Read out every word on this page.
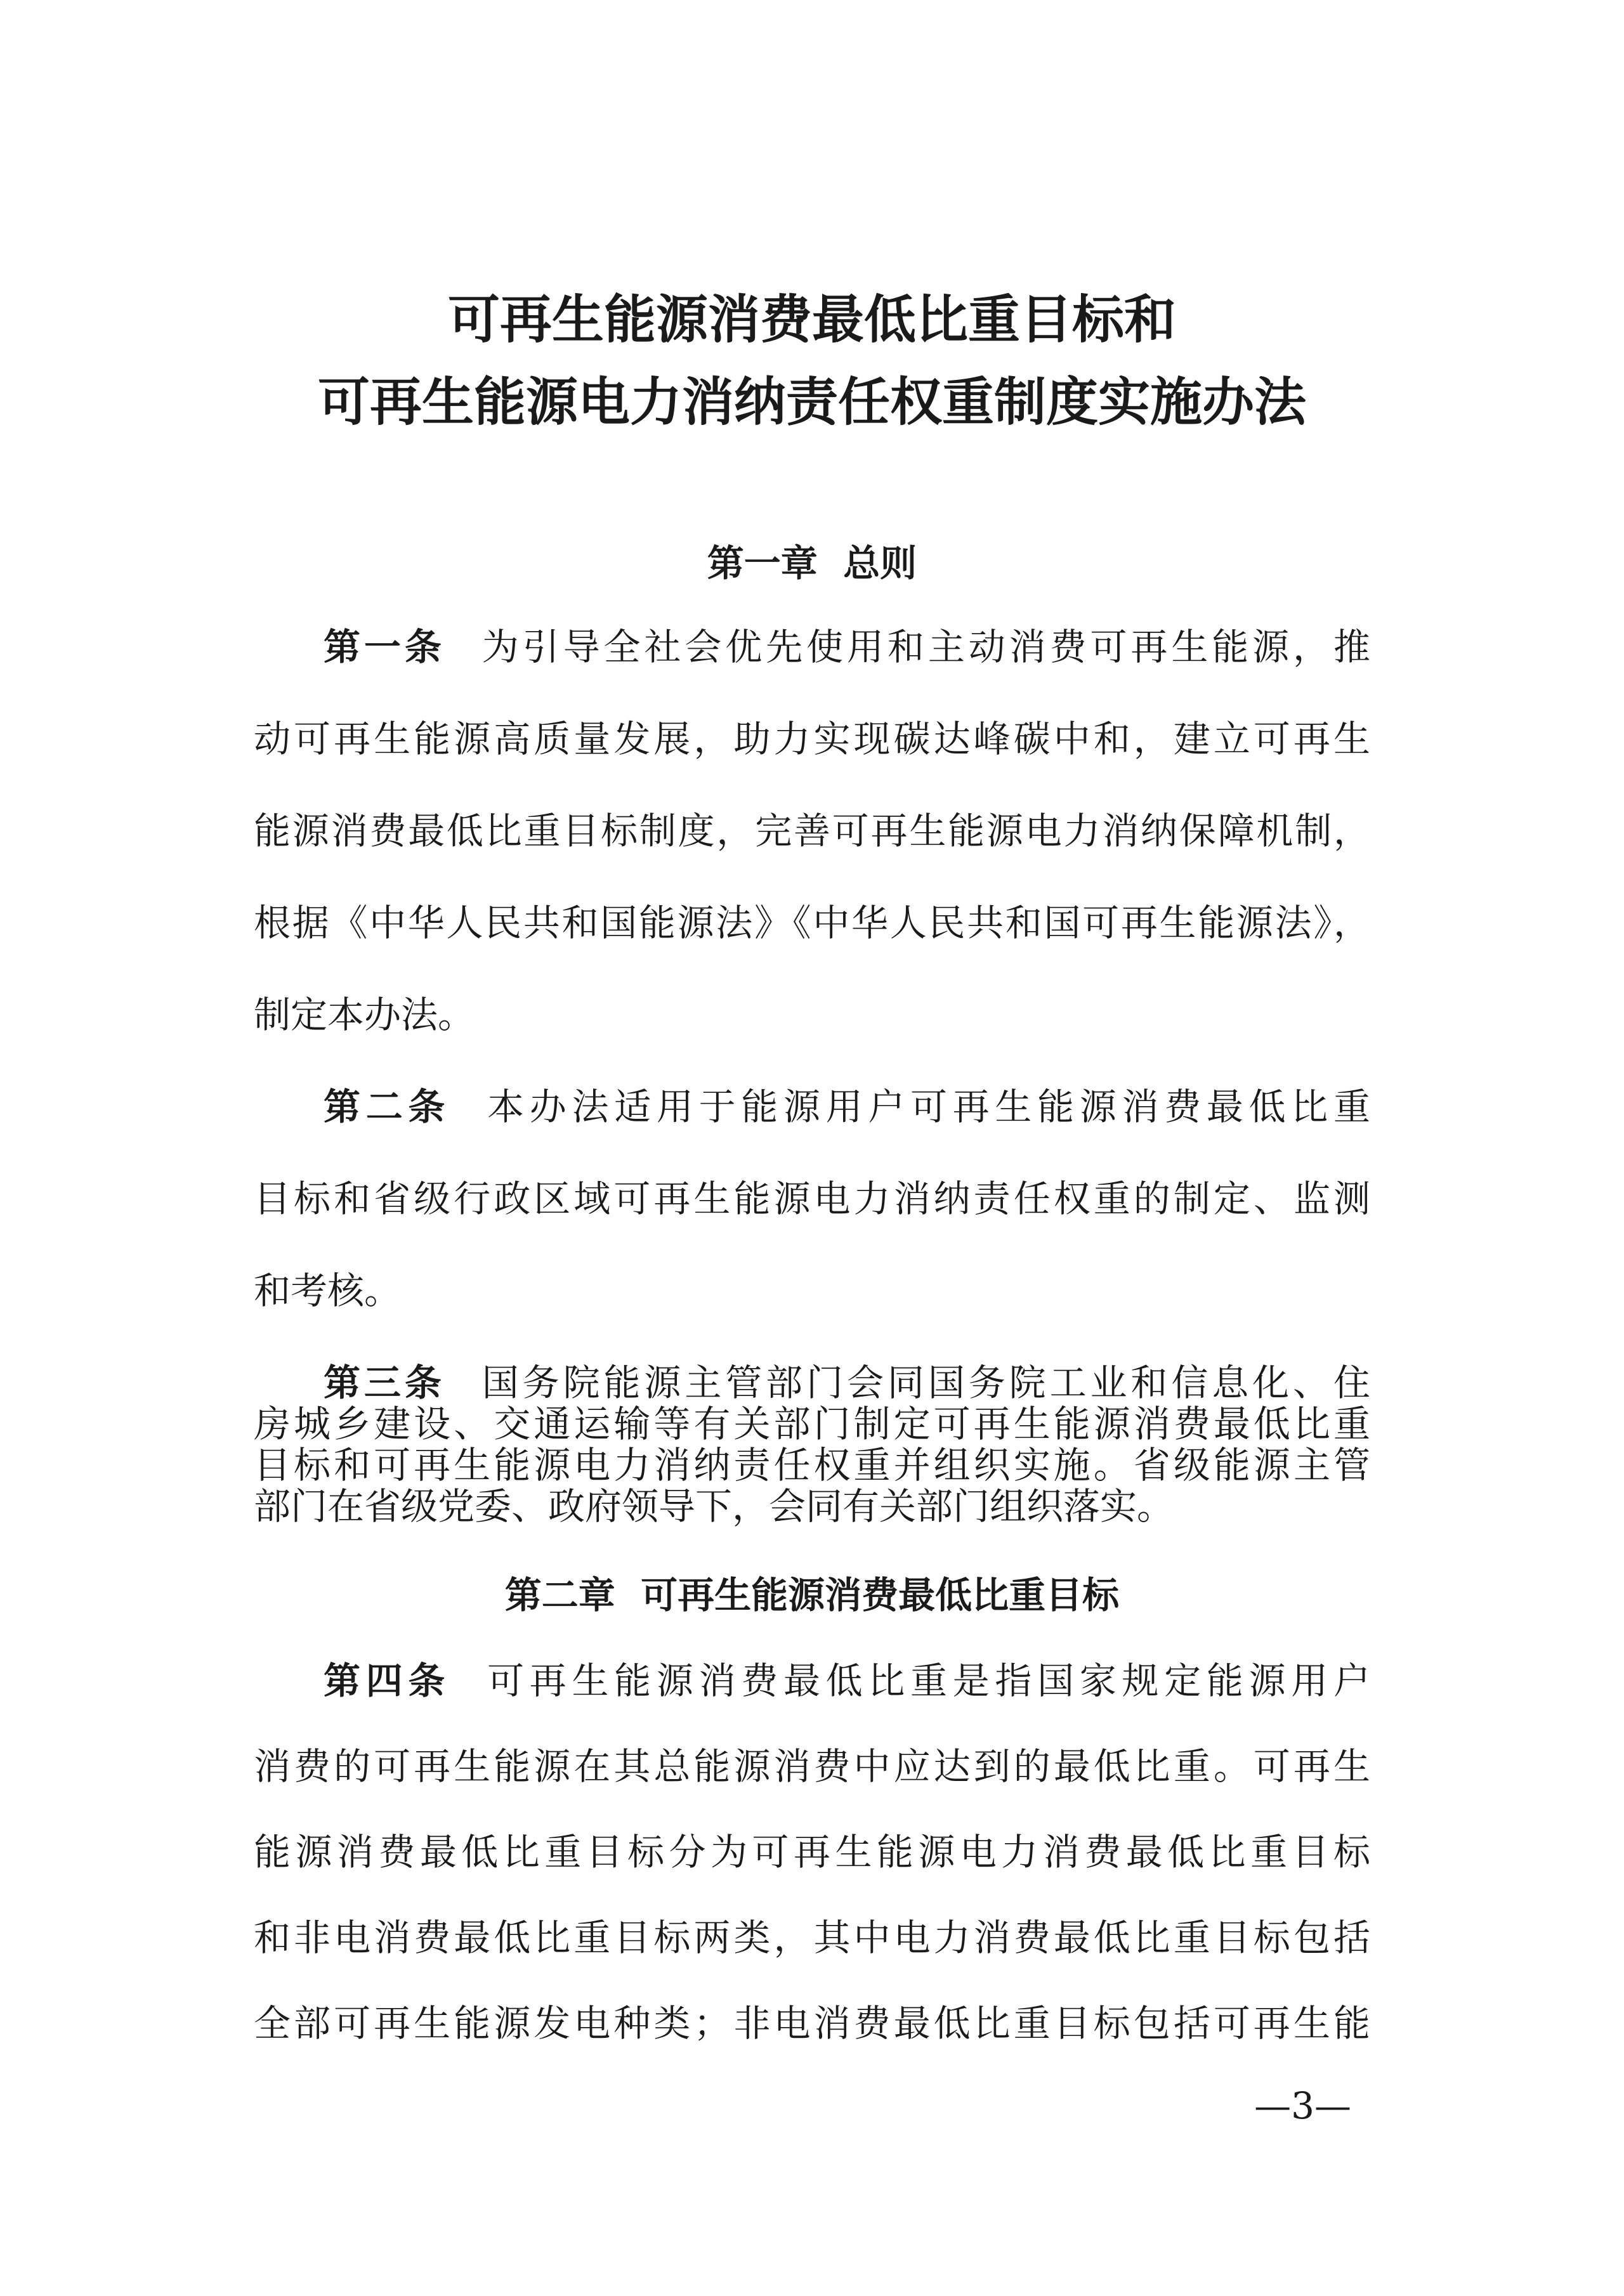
可再生能源消费最低比重目标和
可再生能源电力消纳责任权重制度实施办法
第一章  总则
第一条 为引导全社会优先使用和主动消费可再生能源，推
动可再生能源高质量发展，助力实现碳达峰碳中和，建立可再生
能源消费最低比重目标制度，完善可再生能源电力消纳保障机制，
根据《中华人民共和国能源法》《中华人民共和国可再生能源法》，
制定本办法。
第二条 本办法适用于能源用户可再生能源消费最低比重
目标和省级行政区域可再生能源电力消纳责任权重的制定、监测
和考核。
第三条 国务院能源主管部门会同国务院工业和信息化、住
房城乡建设、交通运输等有关部门制定可再生能源消费最低比重
目标和可再生能源电力消纳责任权重并组织实施。省级能源主管
部门在省级党委、政府领导下，会同有关部门组织落实。
第二章  可再生能源消费最低比重目标
第四条 可再生能源消费最低比重是指国家规定能源用户
消费的可再生能源在其总能源消费中应达到的最低比重。可再生
能源消费最低比重目标分为可再生能源电力消费最低比重目标
和非电消费最低比重目标两类，其中电力消费最低比重目标包括
全部可再生能源发电种类；非电消费最低比重目标包括可再生能
—3—
